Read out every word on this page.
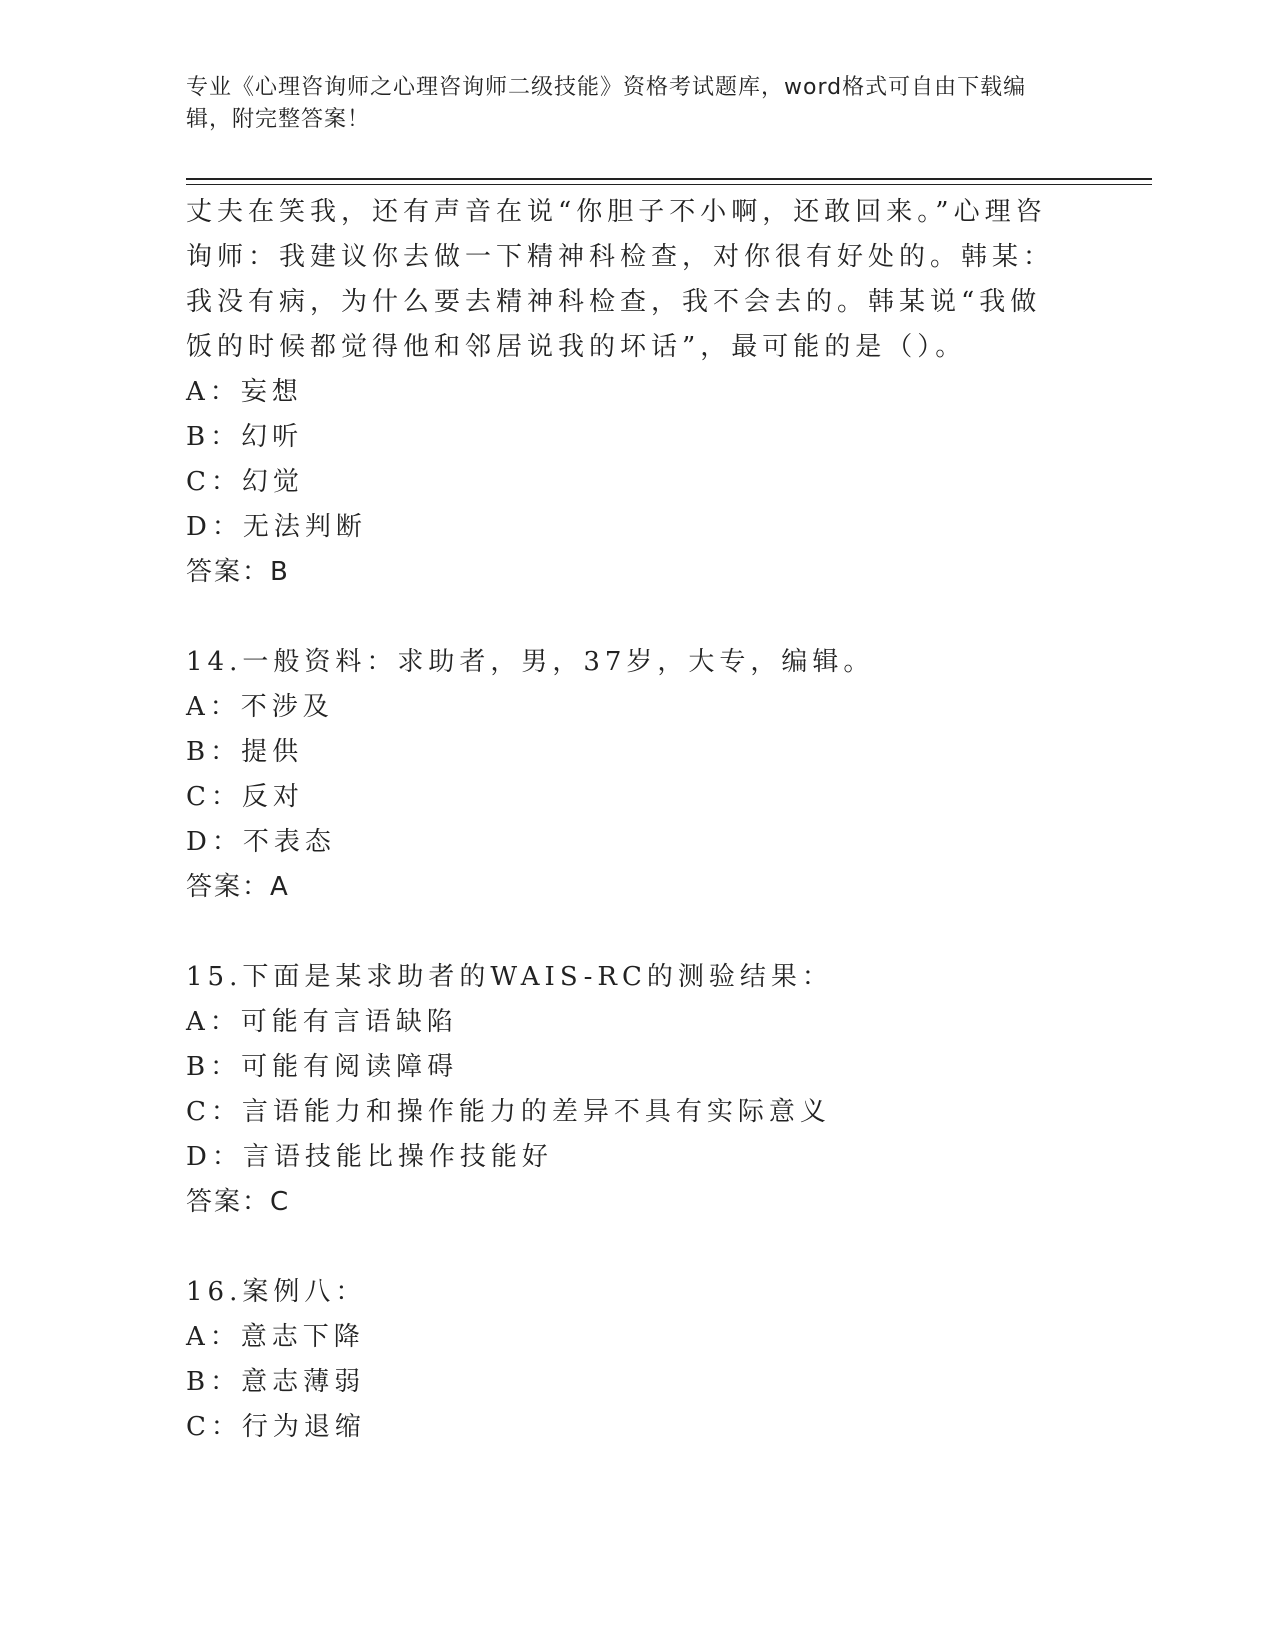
专业《心理咨询师之心理咨询师二级技能》资格考试题库，word格式可自由下载编辑，附完整答案！

丈夫在笑我，还有声音在说“你胆子不小啊，还敢回来。”心理咨询师：我建议你去做一下精神科检查，对你很有好处的。韩某：我没有病，为什么要去精神科检查，我不会去的。韩某说“我做饭的时候都觉得他和邻居说我的坏话”，最可能的是（）。

A：妄想
B：幻听
C：幻觉
D：无法判断
答案：B
14.一般资料：求助者，男，37岁，大专，编辑。
A：不涉及
B：提供
C：反对
D：不表态
答案：A
15.下面是某求助者的WAIS-RC的测验结果：
A：可能有言语缺陷
B：可能有阅读障碍
C：言语能力和操作能力的差异不具有实际意义
D：言语技能比操作技能好
答案：C
16.案例八：
A：意志下降
B：意志薄弱
C：行为退缩
